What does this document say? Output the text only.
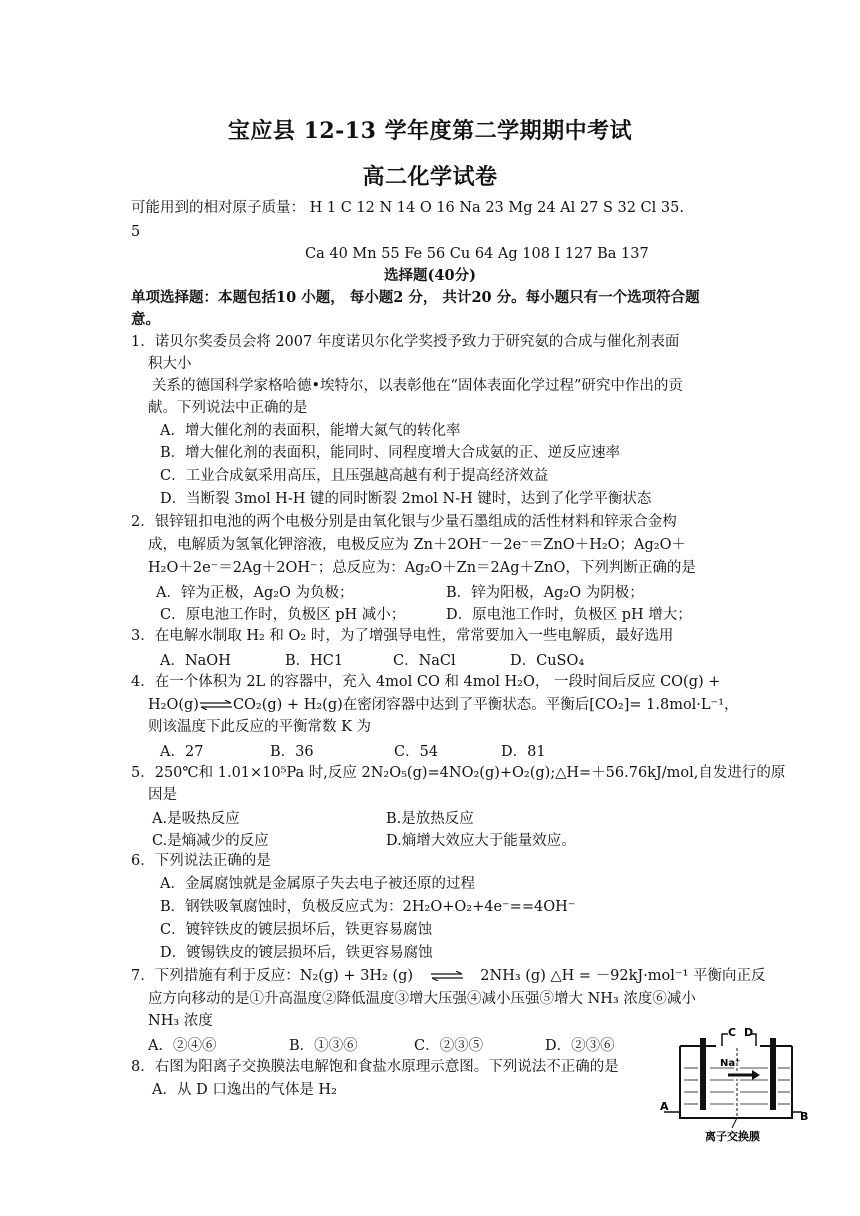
宝应县 12-13 学年度第二学期期中考试
高二化学试卷
可能用到的相对原子质量： H 1 C 12 N 14 O 16 Na 23 Mg 24 Al 27 S 32 Cl 35.
5
Ca 40 Mn 55 Fe 56 Cu 64 Ag 108 I 127 Ba 137
选择题(40分)
单项选择题：本题包括10 小题， 每小题2 分， 共计20 分。每小题只有一个选项符合题
意。
1．诺贝尔奖委员会将 2007 年度诺贝尔化学奖授予致力于研究氨的合成与催化剂表面
积大小
关系的德国科学家格哈德•埃特尔，以表彰他在“固体表面化学过程”研究中作出的贡
献。下列说法中正确的是
A．增大催化剂的表面积，能增大氮气的转化率
B．增大催化剂的表面积，能同时、同程度增大合成氨的正、逆反应速率
C．工业合成氨采用高压，且压强越高越有利于提高经济效益
D．当断裂 3mol H-H 键的同时断裂 2mol N-H 键时，达到了化学平衡状态
2．银锌钮扣电池的两个电极分别是由氧化银与少量石墨组成的活性材料和锌汞合金构
成，电解质为氢氧化钾溶液，电极反应为 Zn＋2OH⁻－2e⁻＝ZnO＋H₂O；Ag₂O＋
H₂O＋2e⁻＝2Ag＋2OH⁻；总反应为：Ag₂O＋Zn＝2Ag＋ZnO，下列判断正确的是
A．锌为正极，Ag₂O 为负极；	B．锌为阳极，Ag₂O 为阴极；
C．原电池工作时，负极区 pH 减小；	D．原电池工作时，负极区 pH 增大；
3．在电解水制取 H₂ 和 O₂ 时，为了增强导电性，常常要加入一些电解质，最好选用
A．NaOH	B．HC1	C．NaCl	D．CuSO₄
4．在一个体积为 2L 的容器中，充入 4mol CO 和 4mol H₂O， 一段时间后反应 CO(g) +
H₂O(g)⇌CO₂(g) + H₂(g)在密闭容器中达到了平衡状态。平衡后[CO₂]= 1.8mol·L⁻¹，
则该温度下此反应的平衡常数 K 为
A．27	B．36	C．54	D．81
5．250℃和 1.01×10⁵Pa 时,反应 2N₂O₅(g)=4NO₂(g)+O₂(g);△H=＋56.76kJ/mol,自发进行的原
因是
A.是吸热反应	B.是放热反应
C.是熵减少的反应	D.熵增大效应大于能量效应。
6．下列说法正确的是
A．金属腐蚀就是金属原子失去电子被还原的过程
B．钢铁吸氧腐蚀时，负极反应式为：2H₂O+O₂+4e⁻==4OH⁻
C．镀锌铁皮的镀层损坏后，铁更容易腐蚀
D．镀锡铁皮的镀层损坏后，铁更容易腐蚀
7．下列措施有利于反应：N₂(g) + 3H₂ (g) ⇌ 2NH₃ (g) △H = －92kJ·mol⁻¹ 平衡向正反
应方向移动的是①升高温度②降低温度③增大压强④减小压强⑤增大 NH₃ 浓度⑥减小
NH₃ 浓度
A．②④⑥	B．①③⑥	C．②③⑤	D．②③⑥
8．右图为阳离子交换膜法电解饱和食盐水原理示意图。下列说法不正确的是
A．从 D 口逸出的气体是 H₂
Na⁺
A
B
C D
离子交换膜
